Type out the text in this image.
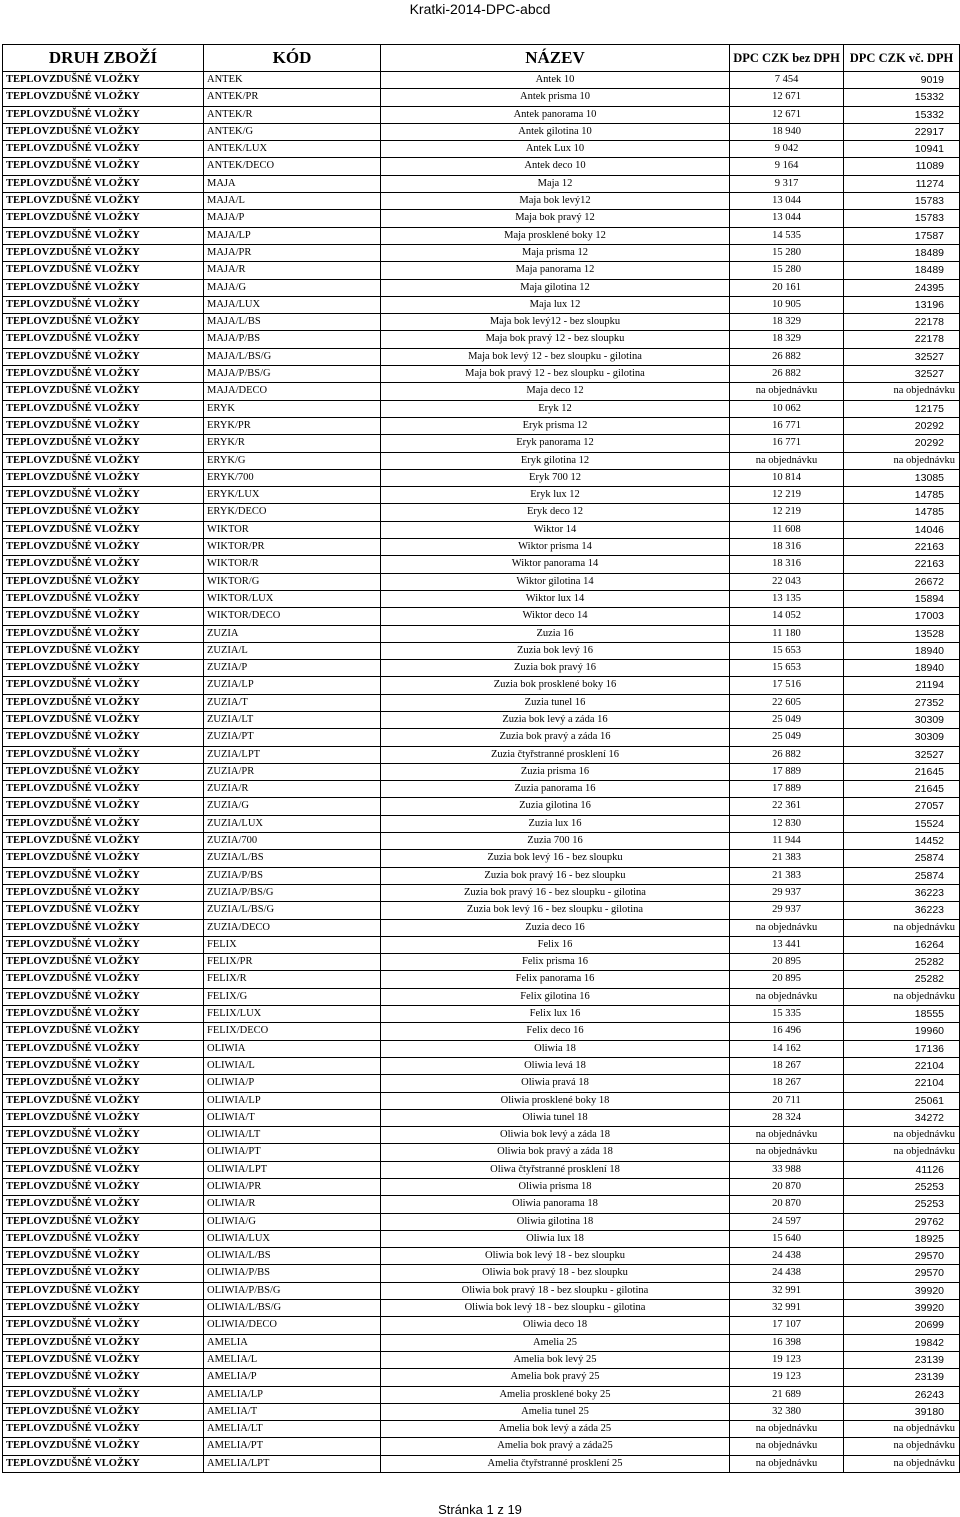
Kratki-2014-DPC-abcd
DRUH ZBOŽÍ	KÓD	NÁZEV	DPC CZK bez DPH	DPC CZK vč. DPH
TEPLOVZDUŠNÉ VLOŽKY	ANTEK	Antek 10	7 454	9019
TEPLOVZDUŠNÉ VLOŽKY	ANTEK/PR	Antek prisma 10	12 671	15332
TEPLOVZDUŠNÉ VLOŽKY	ANTEK/R	Antek panorama 10	12 671	15332
TEPLOVZDUŠNÉ VLOŽKY	ANTEK/G	Antek gilotina 10	18 940	22917
TEPLOVZDUŠNÉ VLOŽKY	ANTEK/LUX	Antek Lux 10	9 042	10941
TEPLOVZDUŠNÉ VLOŽKY	ANTEK/DECO	Antek deco 10	9 164	11089
TEPLOVZDUŠNÉ VLOŽKY	MAJA	Maja 12	9 317	11274
TEPLOVZDUŠNÉ VLOŽKY	MAJA/L	Maja bok levý12	13 044	15783
TEPLOVZDUŠNÉ VLOŽKY	MAJA/P	Maja bok pravý 12	13 044	15783
TEPLOVZDUŠNÉ VLOŽKY	MAJA/LP	Maja prosklené boky 12	14 535	17587
TEPLOVZDUŠNÉ VLOŽKY	MAJA/PR	Maja prisma 12	15 280	18489
TEPLOVZDUŠNÉ VLOŽKY	MAJA/R	Maja panorama 12	15 280	18489
TEPLOVZDUŠNÉ VLOŽKY	MAJA/G	Maja gilotina 12	20 161	24395
TEPLOVZDUŠNÉ VLOŽKY	MAJA/LUX	Maja lux 12	10 905	13196
TEPLOVZDUŠNÉ VLOŽKY	MAJA/L/BS	Maja bok levý12 - bez sloupku	18 329	22178
TEPLOVZDUŠNÉ VLOŽKY	MAJA/P/BS	Maja bok pravý 12 - bez sloupku	18 329	22178
TEPLOVZDUŠNÉ VLOŽKY	MAJA/L/BS/G	Maja bok levý 12 - bez sloupku - gilotina	26 882	32527
TEPLOVZDUŠNÉ VLOŽKY	MAJA/P/BS/G	Maja bok pravý 12 - bez sloupku - gilotina	26 882	32527
TEPLOVZDUŠNÉ VLOŽKY	MAJA/DECO	Maja deco 12	na objednávku	na objednávku
TEPLOVZDUŠNÉ VLOŽKY	ERYK	Eryk 12	10 062	12175
TEPLOVZDUŠNÉ VLOŽKY	ERYK/PR	Eryk prisma 12	16 771	20292
TEPLOVZDUŠNÉ VLOŽKY	ERYK/R	Eryk panorama 12	16 771	20292
TEPLOVZDUŠNÉ VLOŽKY	ERYK/G	Eryk gilotina 12	na objednávku	na objednávku
TEPLOVZDUŠNÉ VLOŽKY	ERYK/700	Eryk 700 12	10 814	13085
TEPLOVZDUŠNÉ VLOŽKY	ERYK/LUX	Eryk lux 12	12 219	14785
TEPLOVZDUŠNÉ VLOŽKY	ERYK/DECO	Eryk deco 12	12 219	14785
TEPLOVZDUŠNÉ VLOŽKY	WIKTOR	Wiktor 14	11 608	14046
TEPLOVZDUŠNÉ VLOŽKY	WIKTOR/PR	Wiktor prisma 14	18 316	22163
TEPLOVZDUŠNÉ VLOŽKY	WIKTOR/R	Wiktor panorama 14	18 316	22163
TEPLOVZDUŠNÉ VLOŽKY	WIKTOR/G	Wiktor gilotina 14	22 043	26672
TEPLOVZDUŠNÉ VLOŽKY	WIKTOR/LUX	Wiktor lux 14	13 135	15894
TEPLOVZDUŠNÉ VLOŽKY	WIKTOR/DECO	Wiktor deco 14	14 052	17003
TEPLOVZDUŠNÉ VLOŽKY	ZUZIA	Zuzia 16	11 180	13528
TEPLOVZDUŠNÉ VLOŽKY	ZUZIA/L	Zuzia bok levý 16	15 653	18940
TEPLOVZDUŠNÉ VLOŽKY	ZUZIA/P	Zuzia bok pravý 16	15 653	18940
TEPLOVZDUŠNÉ VLOŽKY	ZUZIA/LP	Zuzia bok prosklené boky 16	17 516	21194
TEPLOVZDUŠNÉ VLOŽKY	ZUZIA/T	Zuzia tunel 16	22 605	27352
TEPLOVZDUŠNÉ VLOŽKY	ZUZIA/LT	Zuzia bok levý a záda 16	25 049	30309
TEPLOVZDUŠNÉ VLOŽKY	ZUZIA/PT	Zuzia bok pravý a záda 16	25 049	30309
TEPLOVZDUŠNÉ VLOŽKY	ZUZIA/LPT	Zuzia čtyřstranné prosklení 16	26 882	32527
TEPLOVZDUŠNÉ VLOŽKY	ZUZIA/PR	Zuzia prisma 16	17 889	21645
TEPLOVZDUŠNÉ VLOŽKY	ZUZIA/R	Zuzia panorama 16	17 889	21645
TEPLOVZDUŠNÉ VLOŽKY	ZUZIA/G	Zuzia gilotina 16	22 361	27057
TEPLOVZDUŠNÉ VLOŽKY	ZUZIA/LUX	Zuzia lux 16	12 830	15524
TEPLOVZDUŠNÉ VLOŽKY	ZUZIA/700	Zuzia 700 16	11 944	14452
TEPLOVZDUŠNÉ VLOŽKY	ZUZIA/L/BS	Zuzia bok levý 16 - bez sloupku	21 383	25874
TEPLOVZDUŠNÉ VLOŽKY	ZUZIA/P/BS	Zuzia bok pravý 16 - bez sloupku	21 383	25874
TEPLOVZDUŠNÉ VLOŽKY	ZUZIA/P/BS/G	Zuzia bok pravý 16 - bez sloupku - gilotina	29 937	36223
TEPLOVZDUŠNÉ VLOŽKY	ZUZIA/L/BS/G	Zuzia bok levý 16 - bez sloupku - gilotina	29 937	36223
TEPLOVZDUŠNÉ VLOŽKY	ZUZIA/DECO	Zuzia deco 16	na objednávku	na objednávku
TEPLOVZDUŠNÉ VLOŽKY	FELIX	Felix 16	13 441	16264
TEPLOVZDUŠNÉ VLOŽKY	FELIX/PR	Felix prisma 16	20 895	25282
TEPLOVZDUŠNÉ VLOŽKY	FELIX/R	Felix panorama 16	20 895	25282
TEPLOVZDUŠNÉ VLOŽKY	FELIX/G	Felix gilotina 16	na objednávku	na objednávku
TEPLOVZDUŠNÉ VLOŽKY	FELIX/LUX	Felix lux 16	15 335	18555
TEPLOVZDUŠNÉ VLOŽKY	FELIX/DECO	Felix deco 16	16 496	19960
TEPLOVZDUŠNÉ VLOŽKY	OLIWIA	Oliwia 18	14 162	17136
TEPLOVZDUŠNÉ VLOŽKY	OLIWIA/L	Oliwia levá 18	18 267	22104
TEPLOVZDUŠNÉ VLOŽKY	OLIWIA/P	Oliwia pravá 18	18 267	22104
TEPLOVZDUŠNÉ VLOŽKY	OLIWIA/LP	Oliwia prosklené boky 18	20 711	25061
TEPLOVZDUŠNÉ VLOŽKY	OLIWIA/T	Oliwia tunel 18	28 324	34272
TEPLOVZDUŠNÉ VLOŽKY	OLIWIA/LT	Oliwia bok levý a záda 18	na objednávku	na objednávku
TEPLOVZDUŠNÉ VLOŽKY	OLIWIA/PT	Oliwia bok pravý a záda 18	na objednávku	na objednávku
TEPLOVZDUŠNÉ VLOŽKY	OLIWIA/LPT	Oliwa čtyřstranné prosklení 18	33 988	41126
TEPLOVZDUŠNÉ VLOŽKY	OLIWIA/PR	Oliwia prisma 18	20 870	25253
TEPLOVZDUŠNÉ VLOŽKY	OLIWIA/R	Oliwia panorama 18	20 870	25253
TEPLOVZDUŠNÉ VLOŽKY	OLIWIA/G	Oliwia gilotina 18	24 597	29762
TEPLOVZDUŠNÉ VLOŽKY	OLIWIA/LUX	Oliwia lux 18	15 640	18925
TEPLOVZDUŠNÉ VLOŽKY	OLIWIA/L/BS	Oliwia bok levý 18 - bez sloupku	24 438	29570
TEPLOVZDUŠNÉ VLOŽKY	OLIWIA/P/BS	Oliwia bok pravý 18 - bez sloupku	24 438	29570
TEPLOVZDUŠNÉ VLOŽKY	OLIWIA/P/BS/G	Oliwia bok pravý 18 - bez sloupku - gilotina	32 991	39920
TEPLOVZDUŠNÉ VLOŽKY	OLIWIA/L/BS/G	Oliwia bok levý 18 - bez sloupku - gilotina	32 991	39920
TEPLOVZDUŠNÉ VLOŽKY	OLIWIA/DECO	Oliwia deco 18	17 107	20699
TEPLOVZDUŠNÉ VLOŽKY	AMELIA	Amelia 25	16 398	19842
TEPLOVZDUŠNÉ VLOŽKY	AMELIA/L	Amelia bok levý 25	19 123	23139
TEPLOVZDUŠNÉ VLOŽKY	AMELIA/P	Amelia bok pravý 25	19 123	23139
TEPLOVZDUŠNÉ VLOŽKY	AMELIA/LP	Amelia prosklené boky 25	21 689	26243
TEPLOVZDUŠNÉ VLOŽKY	AMELIA/T	Amelia tunel 25	32 380	39180
TEPLOVZDUŠNÉ VLOŽKY	AMELIA/LT	Amelia bok levý a záda 25	na objednávku	na objednávku
TEPLOVZDUŠNÉ VLOŽKY	AMELIA/PT	Amelia bok pravý a záda25	na objednávku	na objednávku
TEPLOVZDUŠNÉ VLOŽKY	AMELIA/LPT	Amelia čtyřstranné prosklení 25	na objednávku	na objednávku
Stránka 1 z 19
